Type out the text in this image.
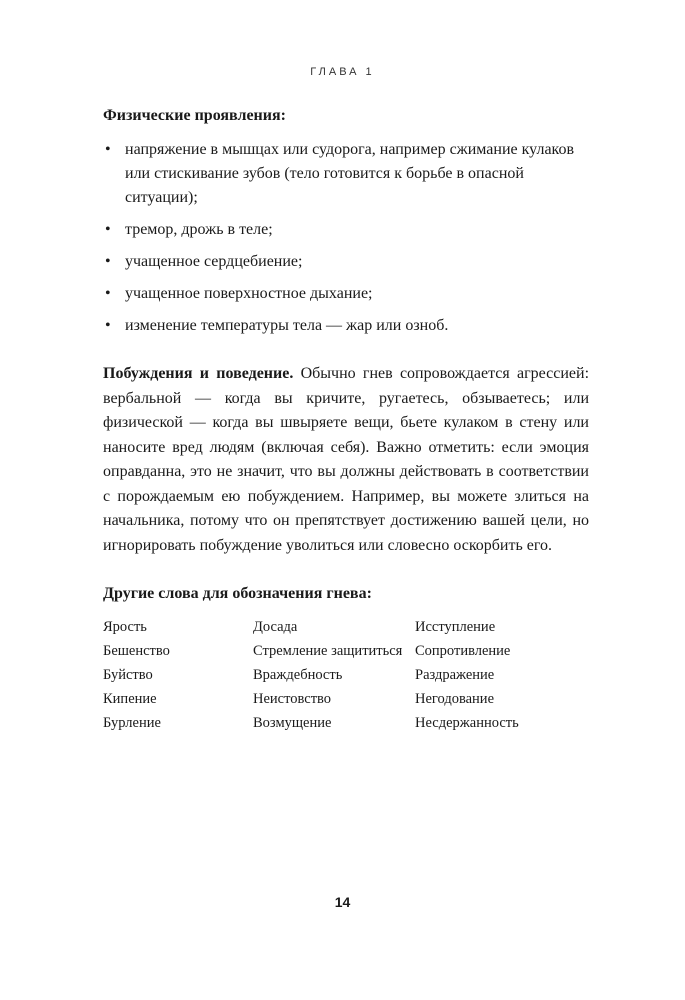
ГЛАВА 1

Физические проявления:

• напряжение в мышцах или судорога, например сжимание кулаков или стискивание зубов (тело готовится к борьбе в опасной ситуации);
• тремор, дрожь в теле;
• учащенное сердцебиение;
• учащенное поверхностное дыхание;
• изменение температуры тела — жар или озноб.

Побуждения и поведение. Обычно гнев сопровождается агрессией: вербальной — когда вы кричите, ругаетесь, обзываетесь; или физической — когда вы швыряете вещи, бьете кулаком в стену или наносите вред людям (включая себя). Важно отметить: если эмоция оправданна, это не значит, что вы должны действовать в соответствии с порождаемым ею побуждением. Например, вы можете злиться на начальника, потому что он препятствует достижению вашей цели, но игнорировать побуждение уволиться или словесно оскорбить его.

Другие слова для обозначения гнева:

Ярость	Досада	Исступление
Бешенство	Стремление защититься	Сопротивление
Буйство	Враждебность	Раздражение
Кипение	Неистовство	Негодование
Бурление	Возмущение	Несдержанность
14
